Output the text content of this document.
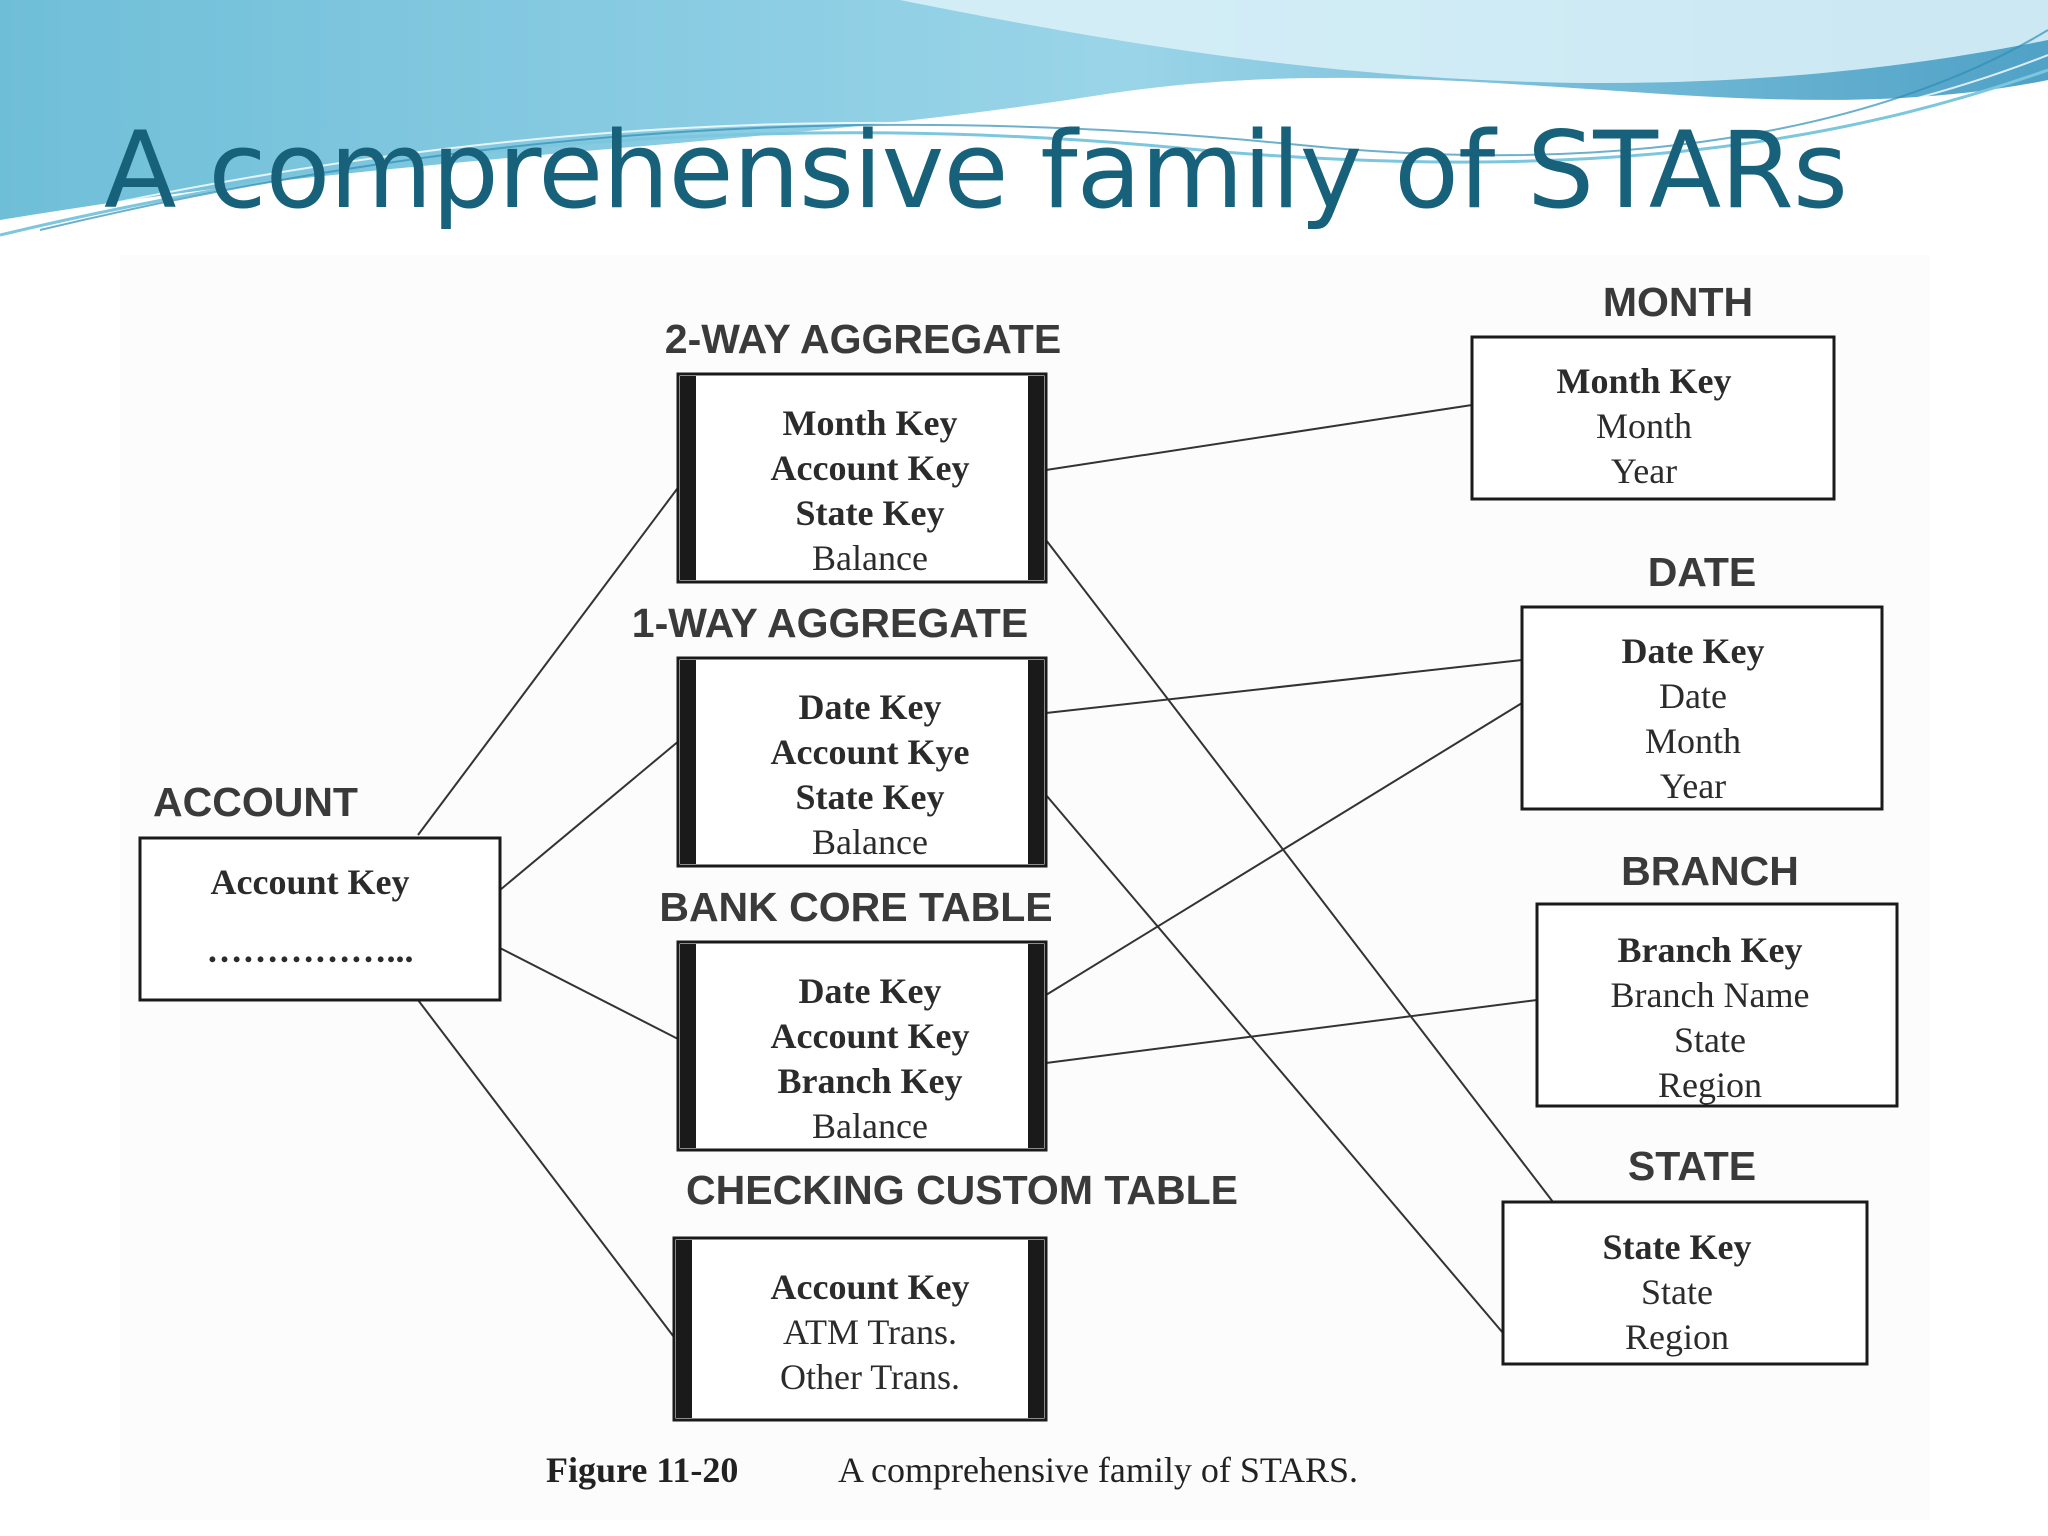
A comprehensive family of STARs
ACCOUNT
Account Key
……………...
2-WAY AGGREGATE
Month Key
Account Key
State Key
Balance
1-WAY AGGREGATE
Date Key
Account Kye
State Key
Balance
BANK CORE TABLE
Date Key
Account Key
Branch Key
Balance
CHECKING CUSTOM TABLE
Account Key
ATM Trans.
Other Trans.
MONTH
Month Key
Month
Year
DATE
Date Key
Date
Month
Year
BRANCH
Branch Key
Branch Name
State
Region
STATE
State Key
State
Region
Figure 11-20	A comprehensive family of STARS.
